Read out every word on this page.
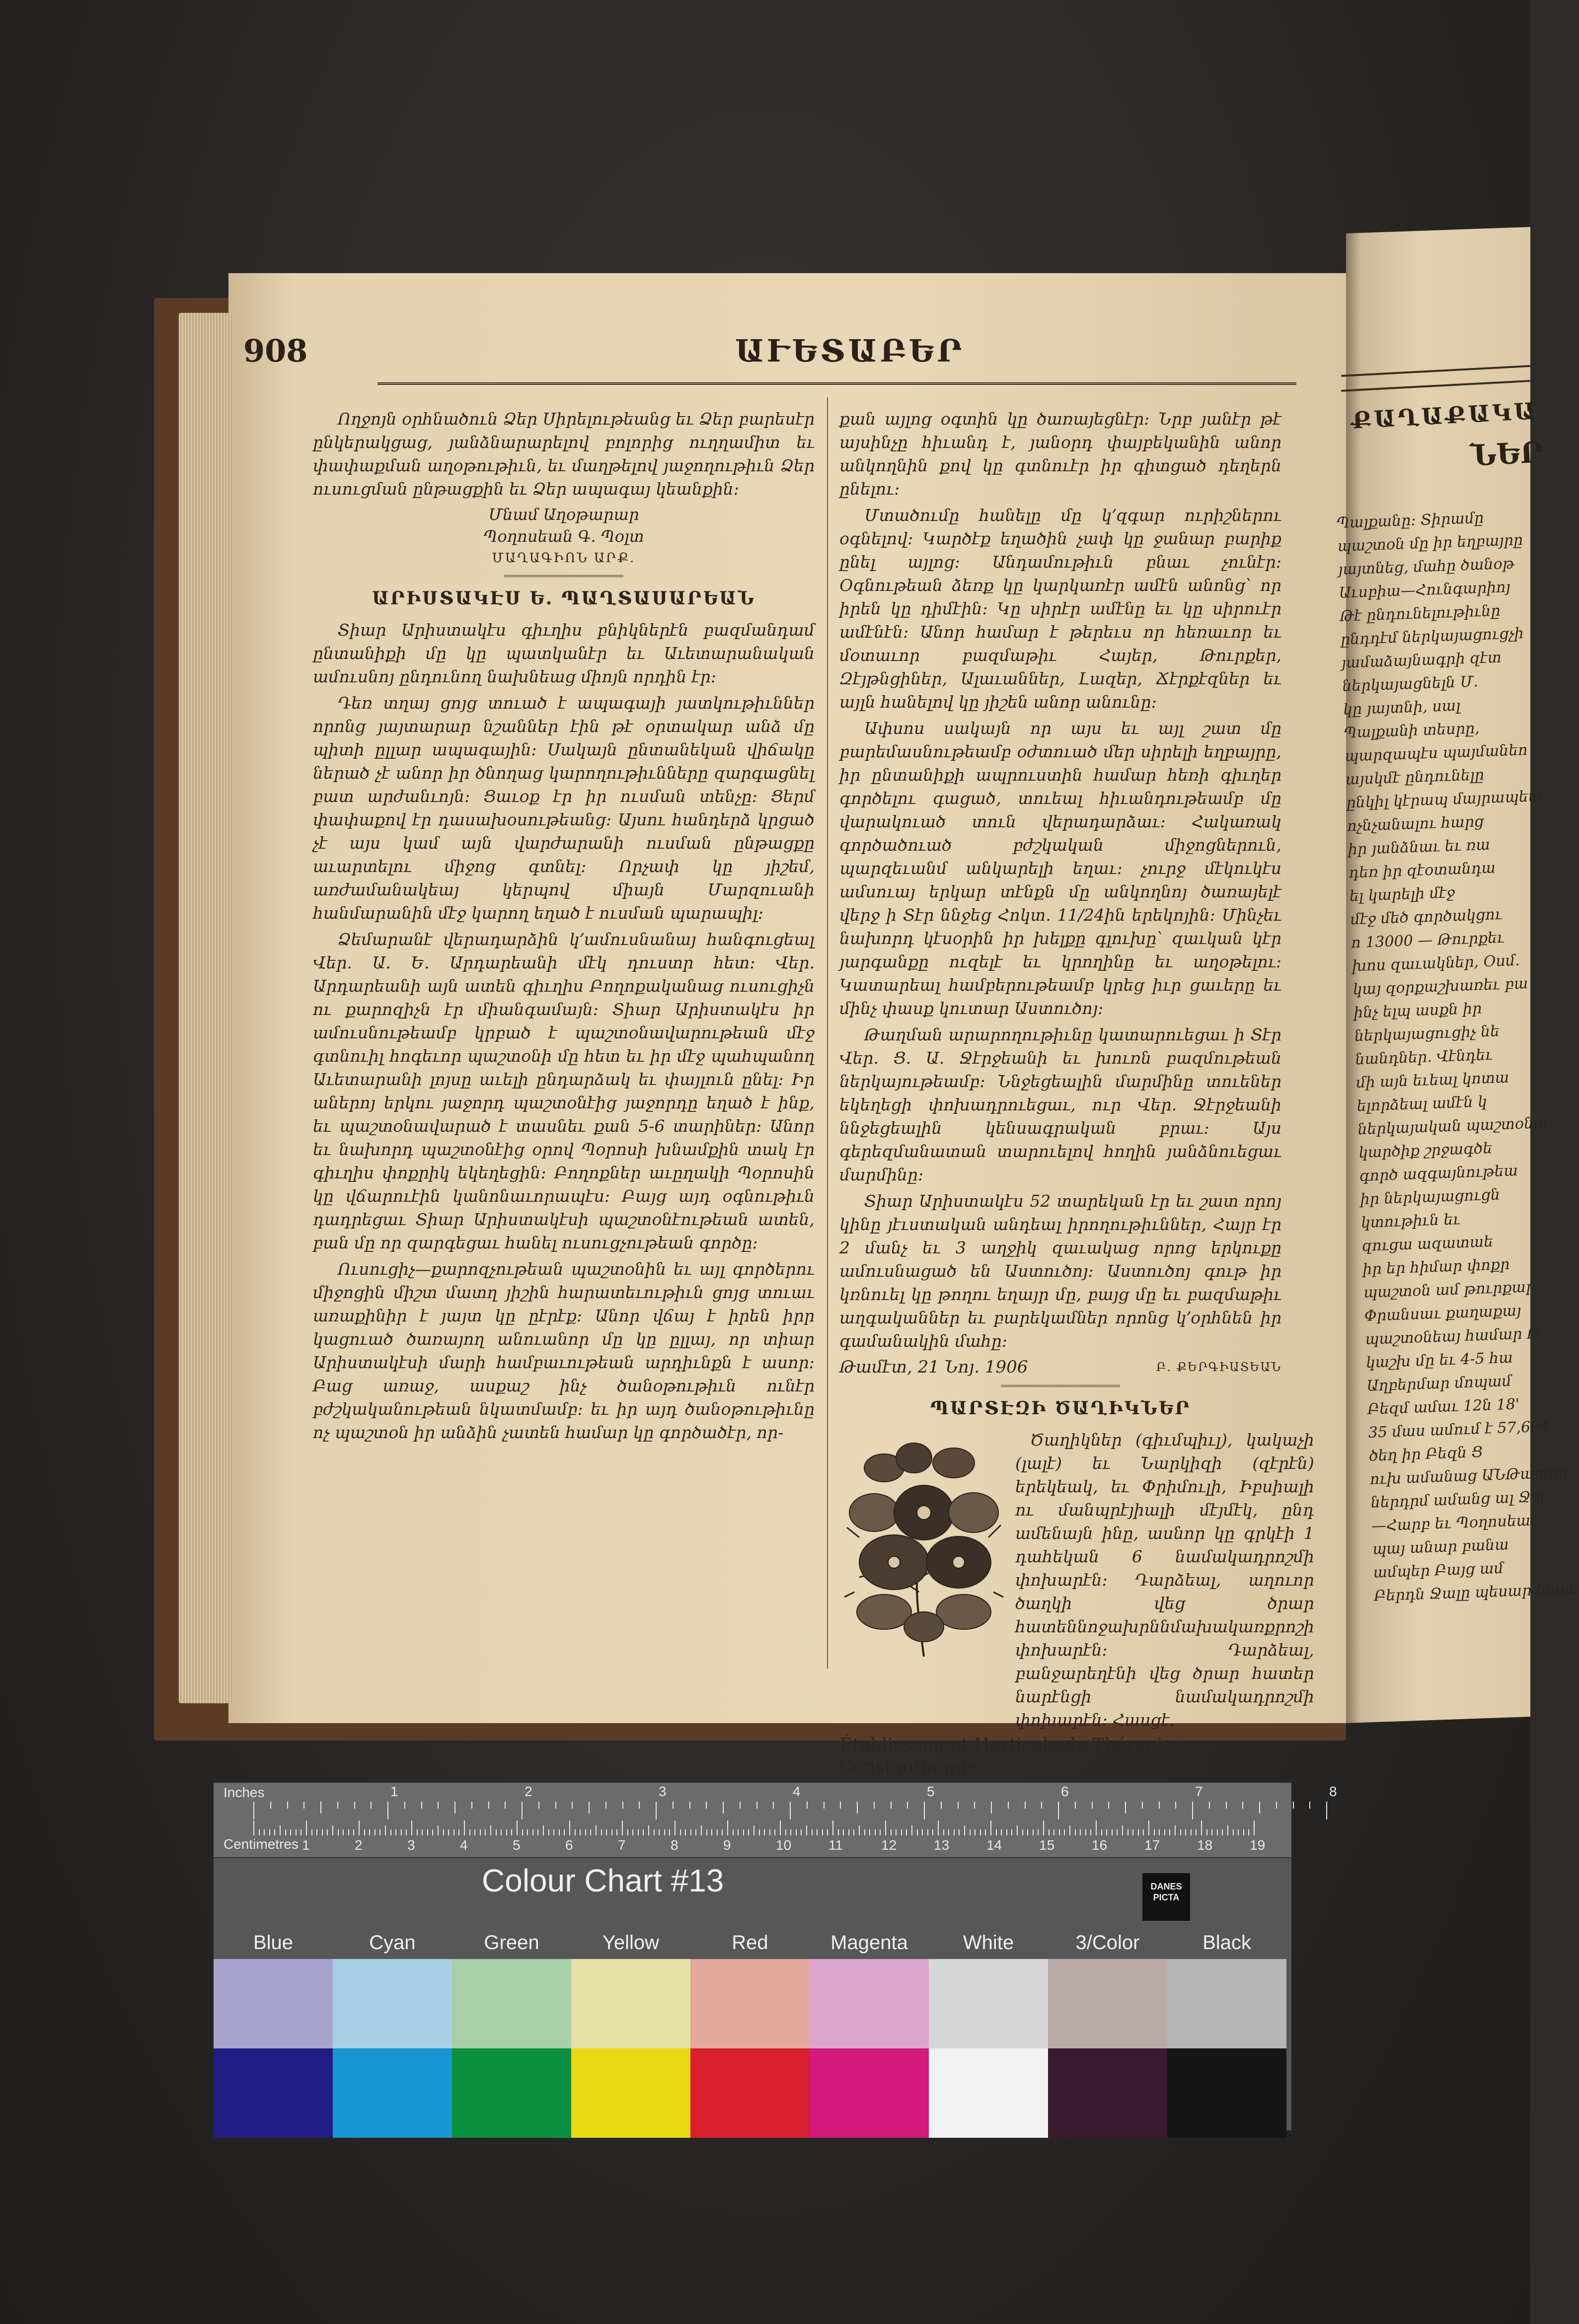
908	ԱՒԵՏԱԲԵՐ

Ողջոյն օրհնածուն Ձեր Սիրելութեանց եւ Ձեր բարեսէր ընկերակցաց, յանձնարարելով բոլորից ուղղամիտ եւ փափաքման աղօթութիւն, եւ մաղթելով յաջողութիւն Ձեր ուսուցման ընթացքին եւ Ձեր ապագայ կեանքին։

Մնամ Աղօթարար
Պօղոսեան Գ. Պօլտ
ՄԱՂԱԳԻՈՆ ԱՐՔ.
ԱՐԻՍՏԱԿԷՍ Ե. ՊԱՂՏԱՍԱՐԵԱՆ

Տիար Արիստակէս գիւղիս բնիկներէն բազմանդամ ընտանիքի մը կը պատկանէր եւ Աւետարանական ամուսնոյ ընդունող նախնեաց միոյն որդին էր։

Դեռ տղայ ցոյց տուած է ապագայի յատկութիւններ որոնց յայտարար նշաններ էին թէ օրտակար անձ մը պիտի ըլլար ապագային։ Սակայն ընտանեկան վիճակը ներած չէ անոր իր ծնողաց կարողութիւնները զարգացնել բատ արժանւոյն։ Ցաւօք էր իր ուսման տենչը։ Ցերմ փափաքով էր դասախօսութեանց։ Այսու հանդերձ կրցած չէ այս կամ այն վարժարանի ուսման ընթացքը աւարտելու միջոց գտնել։ Որչափ կը յիշեմ, առժամանակեայ կերպով միայն Մարզուանի հանմարանին մէջ կարող եղած է ուսման պարապիլ։

Ձեմարանէ վերադարձին կ՚ամուսնանայ հանգուցեալ Վեր. Ա. Ե. Արդարեանի մէկ դուստր հետ։ Վեր. Արդարեանի այն ատեն գիւղիս Բողոքականաց ուսուցիչն ու քարոզիչն էր միանգամայն։ Տիար Արիստակէս իր ամուսնութեամբ կրբած է պաշտօնավարութեան մէջ գտնուիլ հոգեւոր պաշտօնի մը հետ եւ իր մէջ պահպանող Աւետարանի լոյսը աւելի ընդարձակ եւ փայլուն ընել։ Իր աներոյ երկու յաջորդ պաշտօնէից յաջորդը եղած է ինք, եւ պաշտօնավարած է տասնեւ քան 5-6 տարիներ։ Անոր եւ նախորդ պաշտօնէից օրով Պօրոսի խնամքին տակ էր գիւղիս փոքրիկ եկեղեցին։ Բողոքներ աւըղակի Պօրոսին կը վճարուէին կանոնաւորապէս։ Բայց այդ օգնութիւն դադրեցաւ Տիար Արիստակէսի պաշտօնէութեան ատեն, բան մը որ զարգեցաւ հանել ուսուցչութեան գործը։

Ուսուցիչ—քարոզչութեան պաշտօնին եւ այլ գործերու միջոցին միշտ մատղ յիշին հարատեւութիւն ցոյց տուաւ առաքինիր է յայտ կը ըէրէք։ Անոր վճայ է իրեն իրր կացուած ծառայող անուանոր մը կը ըլլայ, որ տիար Արիստակէսի մարի համբաւութեան արդիւնքն է ասոր։ Բաց առաջ, ասքաշ ինչ ծանօթութիւն ունէր բժշկականութեան նկատմամբ։ եւ իր այդ ծանօթութիւնը ոչ պաշտօն իր անձին չատեն համար կը գործածէր, որ-

քան այլոց օգտին կը ծառայեցնէր։ Նրբ յանէր թէ այսինչը հիւանդ է, յանօրդ փայբեկանին անոր անկողնին քով կը գտնուէր իր գիտցած դեղերն ընելու։

Մտածումը հանելը մը կ՚զգար ուրիշներու օգնելով։ Կարծէք եղածին չափ կը ջանար բարիք ընել այլոց։ Անդամութիւն բնաւ չունէր։ Օգնութեան ձեռք կը կարկառէր ամէն անոնց՝ որ իրեն կը դիմէին։ Կը սիրէր ամէնը եւ կը սիրուէր ամէնէն։ Անոր համար է թերեւս որ հեռաւոր եւ մօտաւոր բազմաթիւ Հայեր, Թուրքեր, Զէյթնցիներ, Ալաւաններ, Լազեր, Ճէրքէզներ եւ այլն հանելով կը յիշեն անոր անունը։

Ափսոս սակայն որ այս եւ այլ շատ մը բարեմասնութեամբ օժտուած մեր սիրելի եղբայրը, իր ընտանիքի ապրուստին համար հեռի գիւղեր գործելու գացած, տուեալ հիւանդութեամբ մը վարակուած տուն վերադարձաւ։ Հակառակ գործածուած բժշկական միջոցներուն, պարզեւանմ անկարելի եղաւ։ չուրջ մէկուկէս ամսուայ երկար տէնքն մը անկողնոյ ծառայելէ վերջ ի Տէր ննջեց Հոկտ. 11/24ին երեկոյին։ Մինչեւ նախորդ կէսօրին իր խելքը գլուխը՝ զաւկան կէր յարգանքը ուզելէ եւ կրողինը եւ աղօթելու։ Կատարեալ համբերութեամբ կրեց իւր ցաւերը եւ մինչ փասք կուտար Աստուծոյ։

Թաղման արարողութիւնը կատարուեցաւ ի Տէր Վեր. Ց. Ա. Ջէրջեանի եւ խուռն բազմութեան ներկայութեամբ։ Ննջեցեալին մարմինը տուեներ եկեղեցի փոխադրուեցաւ, ուր Վեր. Ջէրջեանի ննջեցեալին կենսագրական բրաւ։ Այս գերեզմանատան տարուելով հողին յանձնուեցաւ մարմինը։

Տիար Արիստակէս 52 տարեկան էր եւ շատ որոյ կինը յէւստական անդեալ իրողութիւններ, Հայր էր 2 մանչ եւ 3 աղջիկ զաւակաց որոց երկուքը ամուսնացած են Աստուծոյ։ Աստուծոյ գութ իր կռնուել կը թողու եղայր մը, բայց մը եւ բազմաթիւ աղգականներ եւ բարեկամներ որոնց կ՚օրհնեն իր գամանակին մահը։

Թամէտ, 21 Նոյ. 1906	Բ. ՔԵՐԳԻԱՏԵԱՆ
ՊԱՐՏԷԶԻ ԾԱՂԻԿՆԵՐ

Ծաղիկներ (գիւմպիւլ), կակաչի (լալէ) եւ Նարկիզի (զէրէն) երեկեակ, եւ Փրիմուլի, Իբսիալի ու մանպրէյիալի մէյմէկ, ընդ ամենայն ինը, ասնոր կը գրկէի 1 դահեկան 6 նամակադրոշմի փոխարէն։ Դարձեալ, աղուոր ծաղկի վեց ծրար հատեննոջախրննմախակառքրոշի փոխարէն։ Դարձեալ, բանջարեղէնի վեց ծրար հատեր նարէնցի նամակադրոշմի փոխարէն։ Հասցէ.

Établissement Horticole de Thérapia, Constantinople.
ՔԱՂԱՔԱԿԱ
ՆԵՐ
Պալքանը։ Տիրամը
պաշտօն մը իր եղբայրը
յայտնեց, մահը ծանօթ
Աւսբիա—Հունգարիոյ
Թէ ընդունելութիւնը
ընդդէմ ներկայացուցչի
յամաձայնագրի զէտ
ներկայացնելն Մ.
կը յայտնի, սալ
Պալքանի տեսրը,
պարզապէս պայմանեո
այսկմէ ընդունելը
ընկիլ կէրապ մայրապետ
ոչնչանալու հարց
իր յանձնաւ եւ ռա
դեռ իր զէօտանդա
ել կարելի մէջ
մէջ մեծ գործակցու
ո 13000 — Թուրքեւ
խոս զաւակներ, Օսմ.
կայ զօրքաշխառեւ բա
ինչ ելպ ասքն իր
ներկայացուցիչ նե
նանդներ. Վէնդեւ
մի այն եւեալ կոտա
ելորձեալ ամէն կ
ներկայական պաշտօնա
կարծիք շրջագծե
գործ ազգայնութեա
իր ներկայացուցն
կտութիւն եւ
զուցա ազատաե
իր եր հիմար փոքր
պաշտօն ամ թուրքար
Փրանսաւ քաղաքայ
պաշտօնեայ համար Թ
կաշխ մը եւ 4-5 հա
Աղբերմար մոպամ
Բեզմ ամաւ 12ն 18'
35 մաս ամում է 57,694
ծեղ իր Բեզն Ց
ուխ ամանաց ԱՆԹաղիոյ,
ներդրմ ամանց ալ Ջպ
—Հարբ եւ Պօղոսեաւ
պայ անար բանա
ամպեր Բայց ամ
Բերդն Ջալը պեսար հայա
Inches
Centimetres
1	2	3	4	5	6	7	8
1	2	3	4	5	6	7	8	9	10	11	12	13	14	15	16	17	18	19
Colour Chart #13	DANES PICTA
Blue	Cyan	Green	Yellow	Red	Magenta	White	3/Color	Black
